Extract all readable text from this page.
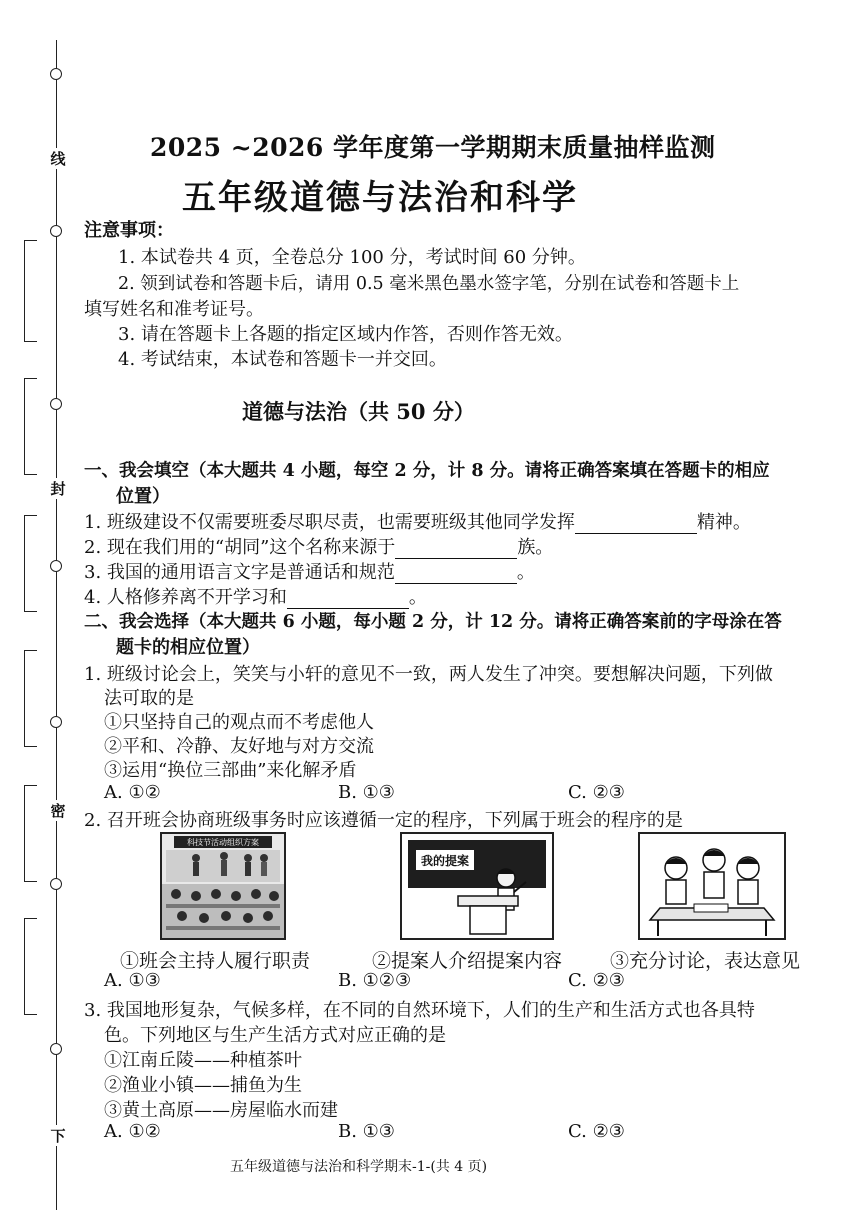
线
封
密
下
2025 ~2026 学年度第一学期期末质量抽样监测
五年级道德与法治和科学
注意事项：
1. 本试卷共 4 页，全卷总分 100 分，考试时间 60 分钟。
2. 领到试卷和答题卡后，请用 0.5 毫米黑色墨水签字笔，分别在试卷和答题卡上
填写姓名和准考证号。
3. 请在答题卡上各题的指定区域内作答，否则作答无效。
4. 考试结束，本试卷和答题卡一并交回。
道德与法治（共 50 分）
一、我会填空（本大题共 4 小题，每空 2 分，计 8 分。请将正确答案填在答题卡的相应
位置）
1. 班级建设不仅需要班委尽职尽责，也需要班级其他同学发挥	精神。
2. 现在我们用的“胡同”这个名称来源于	族。
3. 我国的通用语言文字是普通话和规范	。
4. 人格修养离不开学习和	。
二、我会选择（本大题共 6 小题，每小题 2 分，计 12 分。请将正确答案前的字母涂在答
题卡的相应位置）
1. 班级讨论会上，笑笑与小轩的意见不一致，两人发生了冲突。要想解决问题，下列做
法可取的是
①只坚持自己的观点而不考虑他人
②平和、冷静、友好地与对方交流
③运用“换位三部曲”来化解矛盾
A. ①②	B. ①③	C. ②③
2. 召开班会协商班级事务时应该遵循一定的程序，下列属于班会的程序的是
科技节活动组织方案
我的提案
①班会主持人履行职责	②提案人介绍提案内容	③充分讨论，表达意见
A. ①③	B. ①②③	C. ②③
3. 我国地形复杂，气候多样，在不同的自然环境下，人们的生产和生活方式也各具特
色。下列地区与生产生活方式对应正确的是
①江南丘陵——种植茶叶
②渔业小镇——捕鱼为生
③黄土高原——房屋临水而建
A. ①②	B. ①③	C. ②③
五年级道德与法治和科学期末-1-(共 4 页)
